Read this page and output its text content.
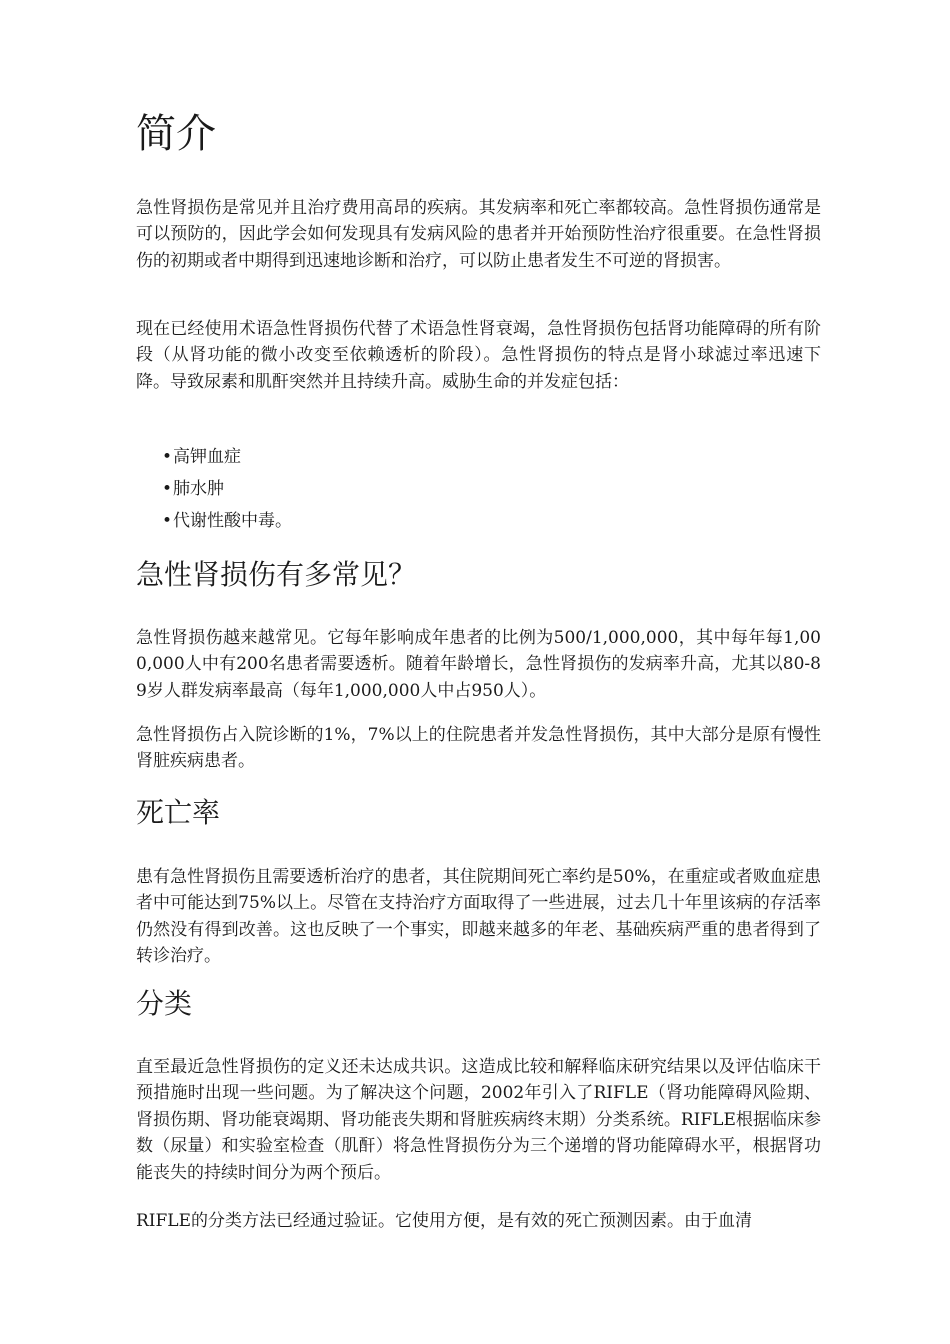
简介

急性肾损伤是常见并且治疗费用高昂的疾病。其发病率和死亡率都较高。急性肾损伤通常是可以预防的，因此学会如何发现具有发病风险的患者并开始预防性治疗很重要。在急性肾损伤的初期或者中期得到迅速地诊断和治疗，可以防止患者发生不可逆的肾损害。

现在已经使用术语急性肾损伤代替了术语急性肾衰竭，急性肾损伤包括肾功能障碍的所有阶段（从肾功能的微小改变至依赖透析的阶段）。急性肾损伤的特点是肾小球滤过率迅速下降。导致尿素和肌酐突然并且持续升高。威胁生命的并发症包括：

• 高钾血症
• 肺水肿
• 代谢性酸中毒。
急性肾损伤有多常见？

急性肾损伤越来越常见。它每年影响成年患者的比例为500/1,000,000，其中每年每1,000,000人中有200名患者需要透析。随着年龄增长，急性肾损伤的发病率升高，尤其以80-89岁人群发病率最高（每年1,000,000人中占950人）。

急性肾损伤占入院诊断的1%，7%以上的住院患者并发急性肾损伤，其中大部分是原有慢性肾脏疾病患者。

死亡率

患有急性肾损伤且需要透析治疗的患者，其住院期间死亡率约是50%，在重症或者败血症患者中可能达到75%以上。尽管在支持治疗方面取得了一些进展，过去几十年里该病的存活率仍然没有得到改善。这也反映了一个事实，即越来越多的年老、基础疾病严重的患者得到了转诊治疗。

分类

直至最近急性肾损伤的定义还未达成共识。这造成比较和解释临床研究结果以及评估临床干预措施时出现一些问题。为了解决这个问题，2002年引入了RIFLE（肾功能障碍风险期、肾损伤期、肾功能衰竭期、肾功能丧失期和肾脏疾病终末期）分类系统。RIFLE根据临床参数（尿量）和实验室检查（肌酐）将急性肾损伤分为三个递增的肾功能障碍水平，根据肾功能丧失的持续时间分为两个预后。

RIFLE的分类方法已经通过验证。它使用方便，是有效的死亡预测因素。由于血清
